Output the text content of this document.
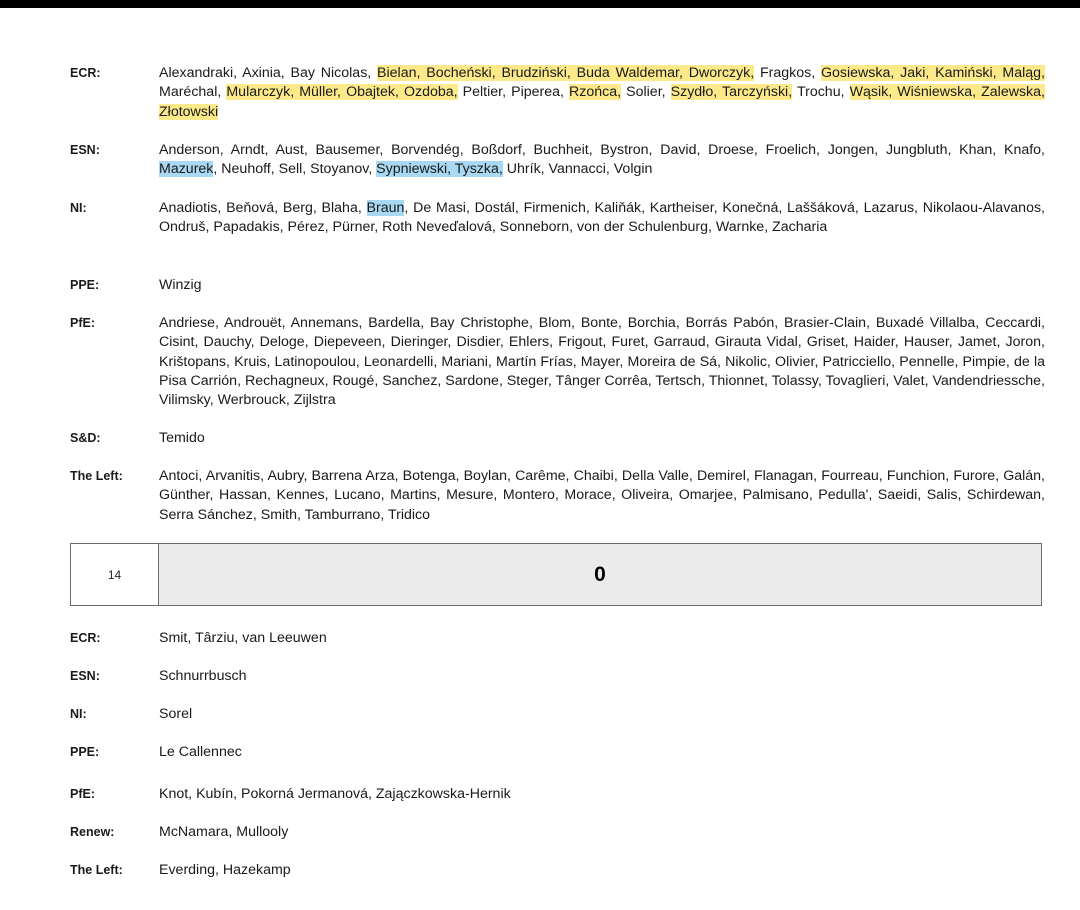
ECR:	Alexandraki, Axinia, Bay Nicolas, Bielan, Bocheński, Brudziński, Buda Waldemar, Dworczyk, Fragkos, Gosiewska, Jaki, Kamiński, Maląg, Maréchal, Mularczyk, Müller, Obajtek, Ozdoba, Peltier, Piperea, Rzońca, Solier, Szydło, Tarczyński, Trochu, Wąsik, Wiśniewska, Zalewska, Złotowski
ESN:	Anderson, Arndt, Aust, Bausemer, Borvendég, Boßdorf, Buchheit, Bystron, David, Droese, Froelich, Jongen, Jungbluth, Khan, Knafo, Mazurek, Neuhoff, Sell, Stoyanov, Sypniewski, Tyszka, Uhrík, Vannacci, Volgin
NI:	Anadiotis, Beňová, Berg, Blaha, Braun, De Masi, Dostál, Firmenich, Kaliňák, Kartheiser, Konečná, Laššáková, Lazarus, Nikolaou-Alavanos, Ondruš, Papadakis, Pérez, Pürner, Roth Neveďalová, Sonneborn, von der Schulenburg, Warnke, Zacharia
PPE:	Winzig
PfE:	Andriese, Androuët, Annemans, Bardella, Bay Christophe, Blom, Bonte, Borchia, Borrás Pabón, Brasier-Clain, Buxadé Villalba, Ceccardi, Cisint, Dauchy, Deloge, Diepeveen, Dieringer, Disdier, Ehlers, Frigout, Furet, Garraud, Girauta Vidal, Griset, Haider, Hauser, Jamet, Joron, Krištopans, Kruis, Latinopoulou, Leonardelli, Mariani, Martín Frías, Mayer, Moreira de Sá, Nikolic, Olivier, Patricciello, Pennelle, Pimpie, de la Pisa Carrión, Rechagneux, Rougé, Sanchez, Sardone, Steger, Tânger Corrêa, Tertsch, Thionnet, Tolassy, Tovaglieri, Valet, Vandendriessche, Vilimsky, Werbrouck, Zijlstra
S&D:	Temido
The Left:	Antoci, Arvanitis, Aubry, Barrena Arza, Botenga, Boylan, Carême, Chaibi, Della Valle, Demirel, Flanagan, Fourreau, Funchion, Furore, Galán, Günther, Hassan, Kennes, Lucano, Martins, Mesure, Montero, Morace, Oliveira, Omarjee, Palmisano, Pedulla', Saeidi, Salis, Schirdewan, Serra Sánchez, Smith, Tamburrano, Tridico
14	0
ECR:	Smit, Târziu, van Leeuwen
ESN:	Schnurrbusch
NI:	Sorel
PPE:	Le Callennec
PfE:	Knot, Kubín, Pokorná Jermanová, Zajączkowska-Hernik
Renew:	McNamara, Mullooly
The Left:	Everding, Hazekamp
